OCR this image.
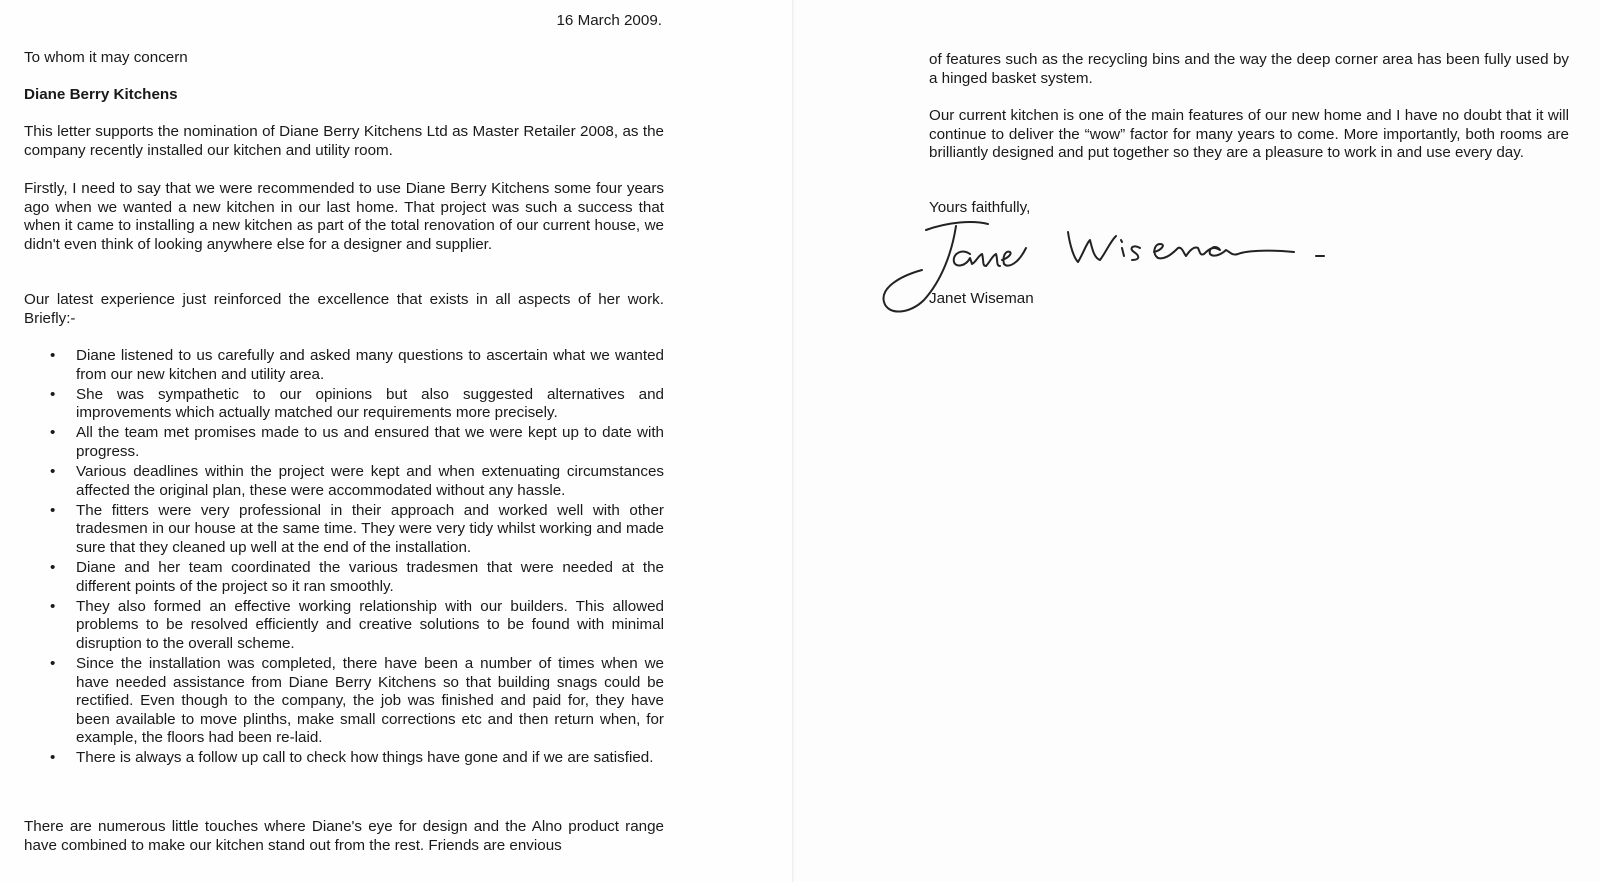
16 March 2009.
To whom it may concern
Diane Berry Kitchens
This letter supports the nomination of Diane Berry Kitchens Ltd as Master Retailer 2008, as the company recently installed our kitchen and utility room.
Firstly, I need to say that we were recommended to use Diane Berry Kitchens some four years ago when we wanted a new kitchen in our last home. That project was such a success that when it came to installing a new kitchen as part of the total renovation of our current house, we didn't even think of looking anywhere else for a designer and supplier.
Our latest experience just reinforced the excellence that exists in all aspects of her work. Briefly:-
• Diane listened to us carefully and asked many questions to ascertain what we wanted from our new kitchen and utility area.
• She was sympathetic to our opinions but also suggested alternatives and improvements which actually matched our requirements more precisely.
• All the team met promises made to us and ensured that we were kept up to date with progress.
• Various deadlines within the project were kept and when extenuating circumstances affected the original plan, these were accommodated without any hassle.
• The fitters were very professional in their approach and worked well with other tradesmen in our house at the same time. They were very tidy whilst working and made sure that they cleaned up well at the end of the installation.
• Diane and her team coordinated the various tradesmen that were needed at the different points of the project so it ran smoothly.
• They also formed an effective working relationship with our builders. This allowed problems to be resolved efficiently and creative solutions to be found with minimal disruption to the overall scheme.
• Since the installation was completed, there have been a number of times when we have needed assistance from Diane Berry Kitchens so that building snags could be rectified. Even though to the company, the job was finished and paid for, they have been available to move plinths, make small corrections etc and then return when, for example, the floors had been re-laid.
• There is always a follow up call to check how things have gone and if we are satisfied.
There are numerous little touches where Diane's eye for design and the Alno product range have combined to make our kitchen stand out from the rest. Friends are envious
of features such as the recycling bins and the way the deep corner area has been fully used by a hinged basket system.
Our current kitchen is one of the main features of our new home and I have no doubt that it will continue to deliver the “wow” factor for many years to come. More importantly, both rooms are brilliantly designed and put together so they are a pleasure to work in and use every day.
Yours faithfully,
Janet Wiseman
